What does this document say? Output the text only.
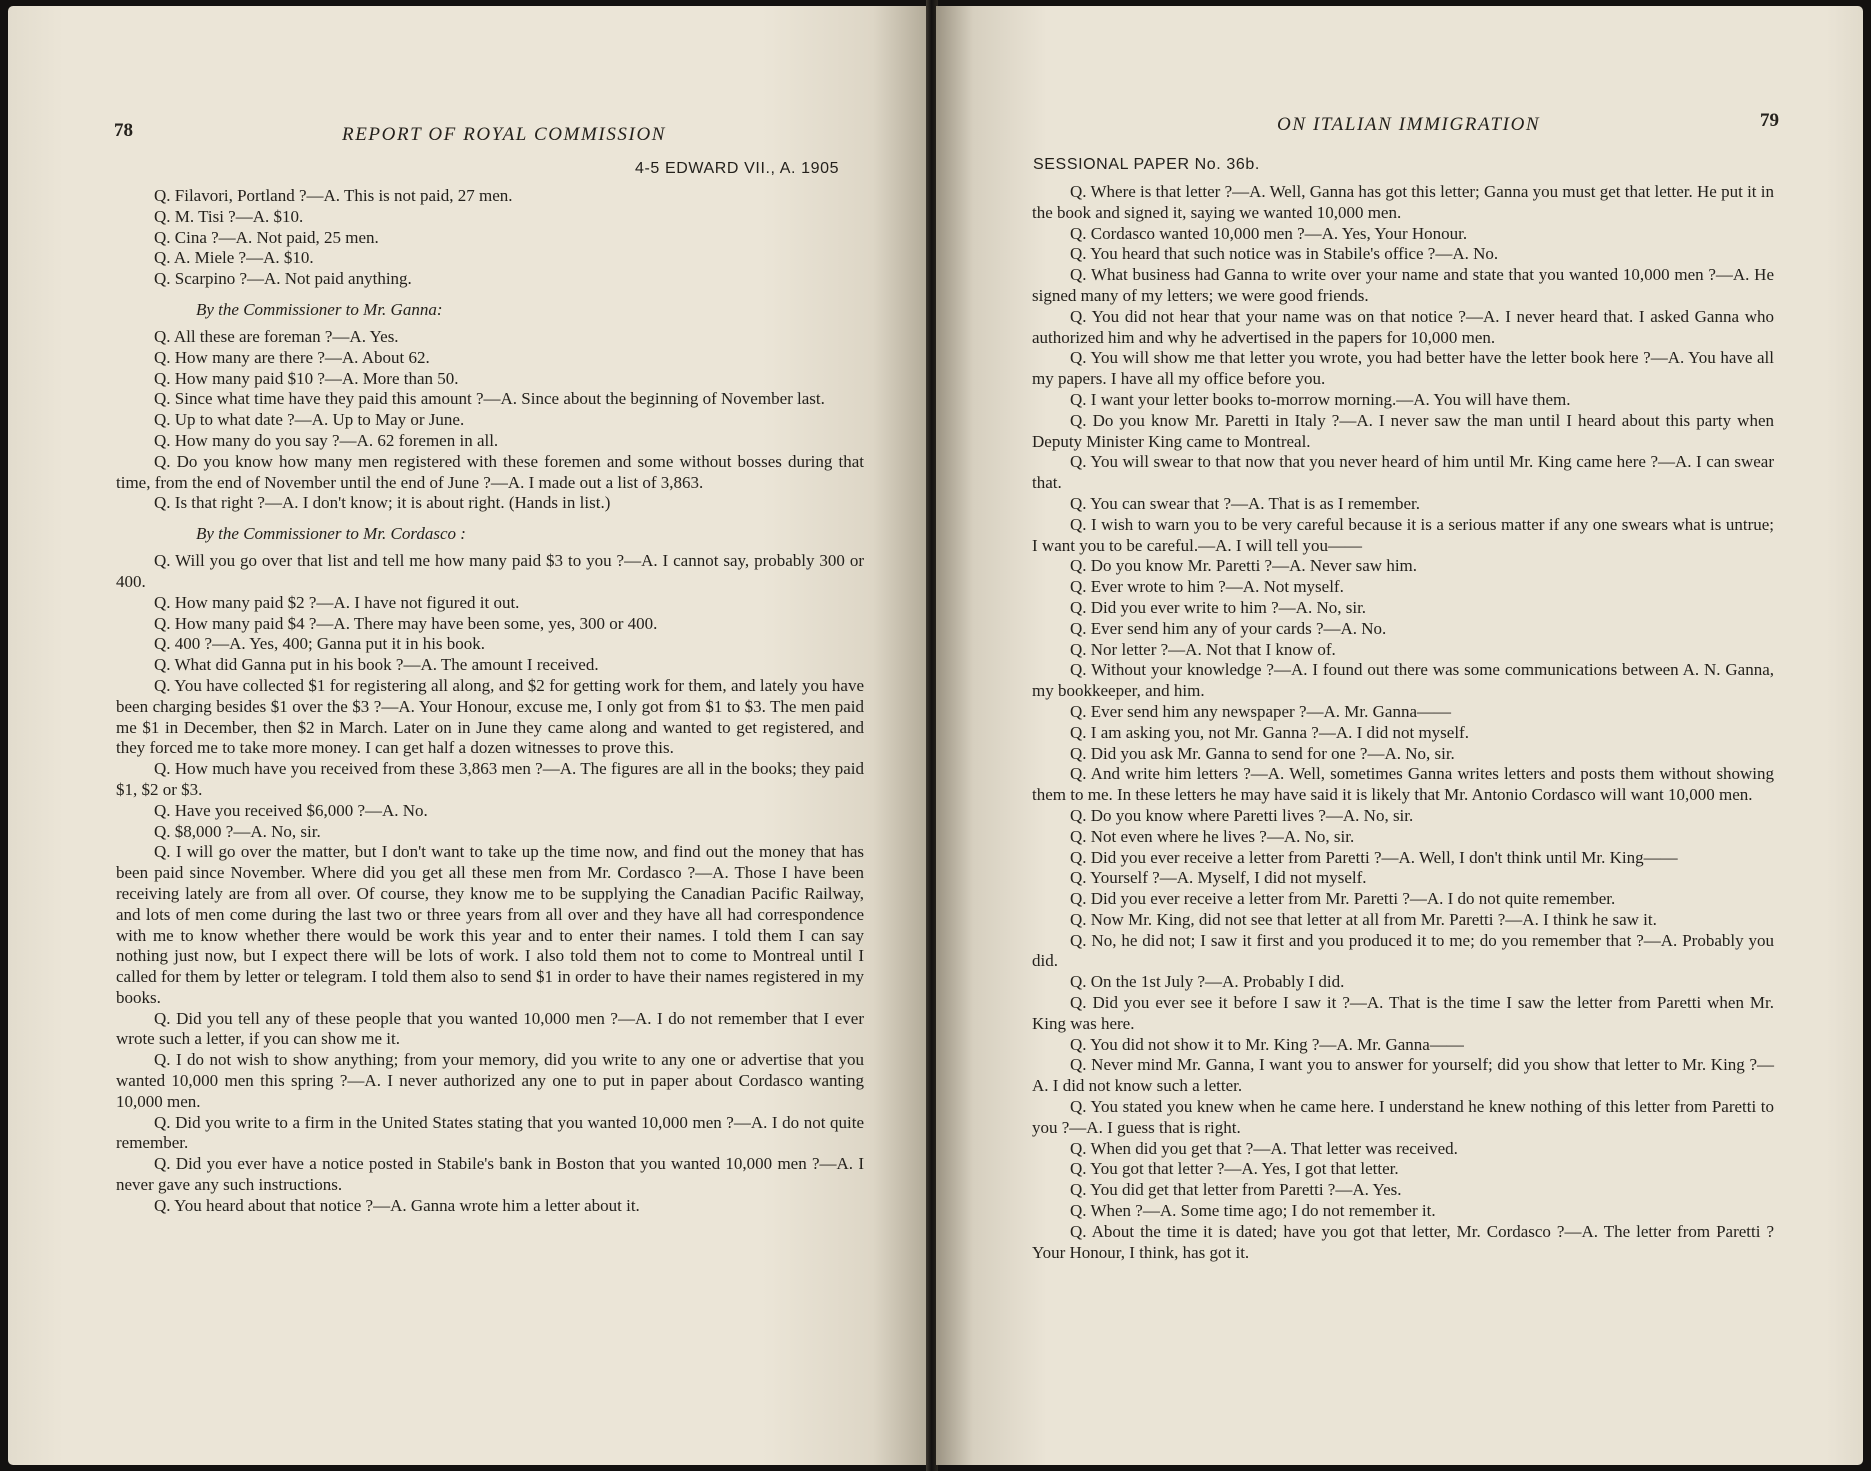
78	REPORT OF ROYAL COMMISSION
4-5 EDWARD VII., A. 1905

Q. Filavori, Portland ?—A. This is not paid, 27 men.

Q. M. Tisi ?—A. $10.

Q. Cina ?—A. Not paid, 25 men.

Q. A. Miele ?—A. $10.

Q. Scarpino ?—A. Not paid anything.

By the Commissioner to Mr. Ganna:

Q. All these are foreman ?—A. Yes.

Q. How many are there ?—A. About 62.

Q. How many paid $10 ?—A. More than 50.

Q. Since what time have they paid this amount ?—A. Since about the beginning of November last.

Q. Up to what date ?—A. Up to May or June.

Q. How many do you say ?—A. 62 foremen in all.

Q. Do you know how many men registered with these foremen and some without bosses during that time, from the end of November until the end of June ?—A. I made out a list of 3,863.

Q. Is that right ?—A. I don't know; it is about right. (Hands in list.)

By the Commissioner to Mr. Cordasco :

Q. Will you go over that list and tell me how many paid $3 to you ?—A. I cannot say, probably 300 or 400.

Q. How many paid $2 ?—A. I have not figured it out.

Q. How many paid $4 ?—A. There may have been some, yes, 300 or 400.

Q. 400 ?—A. Yes, 400; Ganna put it in his book.

Q. What did Ganna put in his book ?—A. The amount I received.

Q. You have collected $1 for registering all along, and $2 for getting work for them, and lately you have been charging besides $1 over the $3 ?—A. Your Honour, excuse me, I only got from $1 to $3. The men paid me $1 in December, then $2 in March. Later on in June they came along and wanted to get registered, and they forced me to take more money. I can get half a dozen witnesses to prove this.

Q. How much have you received from these 3,863 men ?—A. The figures are all in the books; they paid $1, $2 or $3.

Q. Have you received $6,000 ?—A. No.

Q. $8,000 ?—A. No, sir.

Q. I will go over the matter, but I don't want to take up the time now, and find out the money that has been paid since November. Where did you get all these men from Mr. Cordasco ?—A. Those I have been receiving lately are from all over. Of course, they know me to be supplying the Canadian Pacific Railway, and lots of men come during the last two or three years from all over and they have all had correspondence with me to know whether there would be work this year and to enter their names. I told them I can say nothing just now, but I expect there will be lots of work. I also told them not to come to Montreal until I called for them by letter or telegram. I told them also to send $1 in order to have their names registered in my books.

Q. Did you tell any of these people that you wanted 10,000 men ?—A. I do not remember that I ever wrote such a letter, if you can show me it.

Q. I do not wish to show anything; from your memory, did you write to any one or advertise that you wanted 10,000 men this spring ?—A. I never authorized any one to put in paper about Cordasco wanting 10,000 men.

Q. Did you write to a firm in the United States stating that you wanted 10,000 men ?—A. I do not quite remember.

Q. Did you ever have a notice posted in Stabile's bank in Boston that you wanted 10,000 men ?—A. I never gave any such instructions.

Q. You heard about that notice ?—A. Ganna wrote him a letter about it.

ON ITALIAN IMMIGRATION	79
SESSIONAL PAPER No. 36b.

Q. Where is that letter ?—A. Well, Ganna has got this letter; Ganna you must get that letter. He put it in the book and signed it, saying we wanted 10,000 men.

Q. Cordasco wanted 10,000 men ?—A. Yes, Your Honour.

Q. You heard that such notice was in Stabile's office ?—A. No.

Q. What business had Ganna to write over your name and state that you wanted 10,000 men ?—A. He signed many of my letters; we were good friends.

Q. You did not hear that your name was on that notice ?—A. I never heard that. I asked Ganna who authorized him and why he advertised in the papers for 10,000 men.

Q. You will show me that letter you wrote, you had better have the letter book here ?—A. You have all my papers. I have all my office before you.

Q. I want your letter books to-morrow morning.—A. You will have them.

Q. Do you know Mr. Paretti in Italy ?—A. I never saw the man until I heard about this party when Deputy Minister King came to Montreal.

Q. You will swear to that now that you never heard of him until Mr. King came here ?—A. I can swear that.

Q. You can swear that ?—A. That is as I remember.

Q. I wish to warn you to be very careful because it is a serious matter if any one swears what is untrue; I want you to be careful.—A. I will tell you——

Q. Do you know Mr. Paretti ?—A. Never saw him.

Q. Ever wrote to him ?—A. Not myself.

Q. Did you ever write to him ?—A. No, sir.

Q. Ever send him any of your cards ?—A. No.

Q. Nor letter ?—A. Not that I know of.

Q. Without your knowledge ?—A. I found out there was some communications between A. N. Ganna, my bookkeeper, and him.

Q. Ever send him any newspaper ?—A. Mr. Ganna——

Q. I am asking you, not Mr. Ganna ?—A. I did not myself.

Q. Did you ask Mr. Ganna to send for one ?—A. No, sir.

Q. And write him letters ?—A. Well, sometimes Ganna writes letters and posts them without showing them to me. In these letters he may have said it is likely that Mr. Antonio Cordasco will want 10,000 men.

Q. Do you know where Paretti lives ?—A. No, sir.

Q. Not even where he lives ?—A. No, sir.

Q. Did you ever receive a letter from Paretti ?—A. Well, I don't think until Mr. King——

Q. Yourself ?—A. Myself, I did not myself.

Q. Did you ever receive a letter from Mr. Paretti ?—A. I do not quite remember.

Q. Now Mr. King, did not see that letter at all from Mr. Paretti ?—A. I think he saw it.

Q. No, he did not; I saw it first and you produced it to me; do you remember that ?—A. Probably you did.

Q. On the 1st July ?—A. Probably I did.

Q. Did you ever see it before I saw it ?—A. That is the time I saw the letter from Paretti when Mr. King was here.

Q. You did not show it to Mr. King ?—A. Mr. Ganna——

Q. Never mind Mr. Ganna, I want you to answer for yourself; did you show that letter to Mr. King ?—A. I did not know such a letter.

Q. You stated you knew when he came here. I understand he knew nothing of this letter from Paretti to you ?—A. I guess that is right.

Q. When did you get that ?—A. That letter was received.

Q. You got that letter ?—A. Yes, I got that letter.

Q. You did get that letter from Paretti ?—A. Yes.

Q. When ?—A. Some time ago; I do not remember it.

Q. About the time it is dated; have you got that letter, Mr. Cordasco ?—A. The letter from Paretti ? Your Honour, I think, has got it.
